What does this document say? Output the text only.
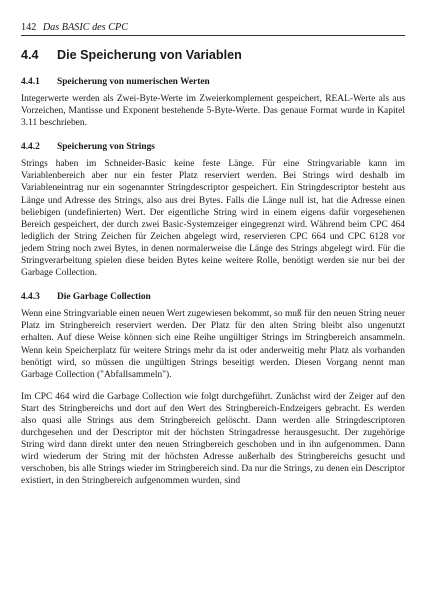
142 Das BASIC des CPC
4.4 Die Speicherung von Variablen
4.4.1 Speicherung von numerischen Werten

Integerwerte werden als Zwei-Byte-Werte im Zweierkomplement gespeichert, REAL-Werte als aus Vorzeichen, Mantisse und Exponent bestehende 5-Byte-Werte. Das genaue Format wurde in Kapitel 3.11 beschrieben.

4.4.2 Speicherung von Strings

Strings haben im Schneider-Basic keine feste Länge. Für eine Stringvariable kann im Variablenbereich aber nur ein fester Platz reserviert werden. Bei Strings wird deshalb im Variableneintrag nur ein sogenannter Stringdescriptor gespeichert. Ein Stringdescriptor besteht aus Länge und Adresse des Strings, also aus drei Bytes. Falls die Länge null ist, hat die Adresse einen beliebigen (undefinierten) Wert. Der eigentliche String wird in einem eigens dafür vorgesehenen Bereich gespeichert, der durch zwei Basic-Systemzeiger eingegrenzt wird. Während beim CPC 464 lediglich der String Zeichen für Zeichen abgelegt wird, reservieren CPC 664 und CPC 6128 vor jedem String noch zwei Bytes, in denen normalerweise die Länge des Strings abgelegt wird. Für die Stringverarbeitung spielen diese beiden Bytes keine weitere Rolle, benötigt werden sie nur bei der Garbage Collection.

4.4.3 Die Garbage Collection

Wenn eine Stringvariable einen neuen Wert zugewiesen bekommt, so muß für den neuen String neuer Platz im Stringbereich reserviert werden. Der Platz für den alten String bleibt also ungenutzt erhalten. Auf diese Weise können sich eine Reihe ungültiger Strings im Stringbereich ansammeln. Wenn kein Speicherplatz für weitere Strings mehr da ist oder anderweitig mehr Platz als vorhanden benötigt wird, so müssen die ungültigen Strings beseitigt werden. Diesen Vorgang nennt man Garbage Collection ("Abfallsammeln").

Im CPC 464 wird die Garbage Collection wie folgt durchgeführt. Zunächst wird der Zeiger auf den Start des Stringbereichs und dort auf den Wert des Stringbereich-Endzeigers gebracht. Es werden also quasi alle Strings aus dem Stringbereich gelöscht. Dann werden alle Stringdescriptoren durchgesehen und der Descriptor mit der höchsten Stringadresse herausgesucht. Der zugehörige String wird dann direkt unter den neuen Stringbereich geschoben und in ihn aufgenommen. Dann wird wiederum der String mit der höchsten Adresse außerhalb des Stringbereichs gesucht und verschoben, bis alle Strings wieder im Stringbereich sind. Da nur die Strings, zu denen ein Descriptor existiert, in den Stringbereich aufgenommen wurden, sind
